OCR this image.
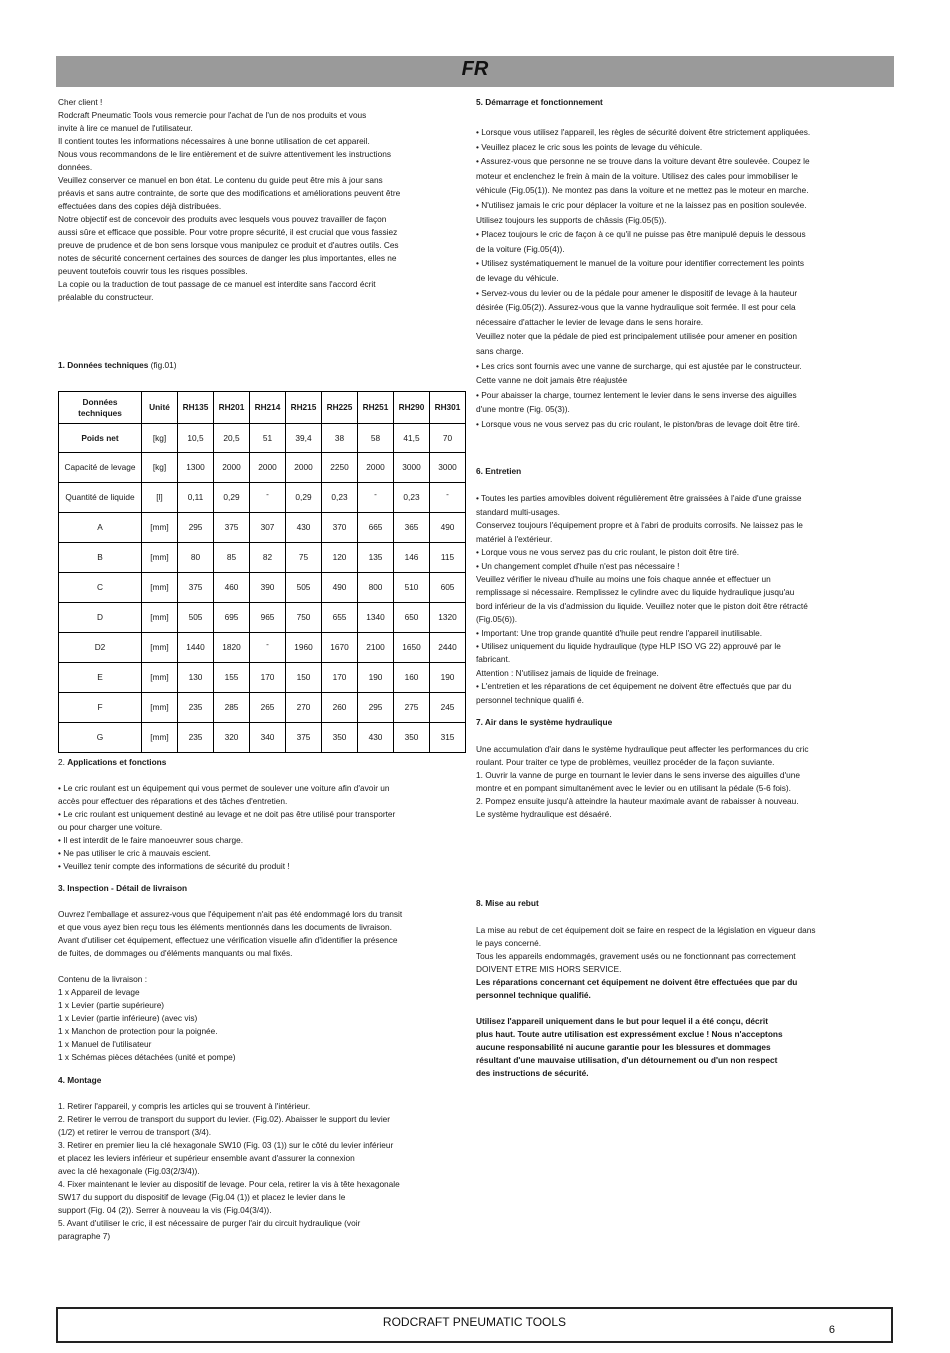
FR
Cher client !
Rodcraft Pneumatic Tools vous remercie pour l'achat de l'un de nos produits et vous
invite à lire ce manuel de l'utilisateur.
Il contient toutes les informations nécessaires à une bonne utilisation de cet appareil.
Nous vous recommandons de le lire entièrement et de suivre attentivement les instructions
données.
Veuillez conserver ce manuel en bon état. Le contenu du guide peut être mis à jour sans
préavis et sans autre contrainte, de sorte que des modifications et améliorations peuvent être
effectuées dans des copies déjà distribuées.
Notre objectif est de concevoir des produits avec lesquels vous pouvez travailler de façon
aussi sûre et efficace que possible. Pour votre propre sécurité, il est crucial que vous fassiez
preuve de prudence et de bon sens lorsque vous manipulez ce produit et d'autres outils. Ces
notes de sécurité concernent certaines des sources de danger les plus importantes, elles ne
peuvent toutefois couvrir tous les risques possibles.
La copie ou la traduction de tout passage de ce manuel est interdite sans l'accord écrit
préalable du constructeur.
1. Données techniques (fig.01)
Données techniques	Unité	RH135	RH201	RH214	RH215	RH225	RH251	RH290	RH301
Poids net	[kg]	10,5	20,5	51	39,4	38	58	41,5	70
Capacité de levage	[kg]	1300	2000	2000	2000	2250	2000	3000	3000
Quantité de liquide	[l]	0,11	0,29	-	0,29	0,23	-	0,23	-
A	[mm]	295	375	307	430	370	665	365	490
B	[mm]	80	85	82	75	120	135	146	115
C	[mm]	375	460	390	505	490	800	510	605
D	[mm]	505	695	965	750	655	1340	650	1320
D2	[mm]	1440	1820	-	1960	1670	2100	1650	2440
E	[mm]	130	155	170	150	170	190	160	190
F	[mm]	235	285	265	270	260	295	275	245
G	[mm]	235	320	340	375	350	430	350	315
2. Applications et fonctions
• Le cric roulant est un équipement qui vous permet de soulever une voiture afin d'avoir un
accès pour effectuer des réparations et des tâches d'entretien.
• Le cric roulant est uniquement destiné au levage et ne doit pas être utilisé pour transporter
ou pour charger une voiture.
• Il est interdit de le faire manoeuvrer sous charge.
• Ne pas utiliser le cric à mauvais escient.
• Veuillez tenir compte des informations de sécurité du produit !
3. Inspection - Détail de livraison
Ouvrez l'emballage et assurez-vous que l'équipement n'ait pas été endommagé lors du transit
et que vous ayez bien reçu tous les éléments mentionnés dans les documents de livraison.
Avant d'utiliser cet équipement, effectuez une vérification visuelle afin d'identifier la présence
de fuites, de dommages ou d'éléments manquants ou mal fixés.
Contenu de la livraison :
1 x Appareil de levage
1 x Levier (partie supérieure)
1 x Levier (partie inférieure) (avec vis)
1 x Manchon de protection pour la poignée.
1 x Manuel de l'utilisateur
1 x Schémas pièces détachées (unité et pompe)
4. Montage
1. Retirer l'appareil, y compris les articles qui se trouvent à l'intérieur.
2. Retirer le verrou de transport du support du levier. (Fig.02). Abaisser le support du levier
(1/2) et retirer le verrou de transport (3/4).
3. Retirer en premier lieu la clé hexagonale SW10 (Fig. 03 (1)) sur le côté du levier inférieur
et placez les leviers inférieur et supérieur ensemble avant d'assurer la connexion
avec la clé hexagonale (Fig.03(2/3/4)).
4. Fixer maintenant le levier au dispositif de levage. Pour cela, retirer la vis à tête hexagonale
SW17 du support du dispositif de levage (Fig.04 (1)) et placez le levier dans le
support (Fig. 04 (2)). Serrer à nouveau la vis (Fig.04(3/4)).
5. Avant d'utiliser le cric, il est nécessaire de purger l'air du circuit hydraulique (voir
paragraphe 7)
5. Démarrage et fonctionnement
• Lorsque vous utilisez l'appareil, les règles de sécurité doivent être strictement appliquées.
• Veuillez placez le cric sous les points de levage du véhicule.
• Assurez-vous que personne ne se trouve dans la voiture devant être soulevée. Coupez le
moteur et enclenchez le frein à main de la voiture. Utilisez des cales pour immobiliser le
véhicule (Fig.05(1)). Ne montez pas dans la voiture et ne mettez pas le moteur en marche.
• N'utilisez jamais le cric pour déplacer la voiture et ne la laissez pas en position soulevée.
Utilisez toujours les supports de châssis (Fig.05(5)).
• Placez toujours le cric de façon à ce qu'il ne puisse pas être manipulé depuis le dessous
de la voiture (Fig.05(4)).
• Utilisez systématiquement le manuel de la voiture pour identifier correctement les points
de levage du véhicule.
• Servez-vous du levier ou de la pédale pour amener le dispositif de levage à la hauteur
désirée (Fig.05(2)). Assurez-vous que la vanne hydraulique soit fermée. Il est pour cela
nécessaire d'attacher le levier de levage dans le sens horaire.
Veuillez noter que la pédale de pied est principalement utilisée pour amener en position
sans charge.
• Les crics sont fournis avec une vanne de surcharge, qui est ajustée par le constructeur.
Cette vanne ne doit jamais être réajustée
• Pour abaisser la charge, tournez lentement le levier dans le sens inverse des aiguilles
d'une montre (Fig. 05(3)).
• Lorsque vous ne vous servez pas du cric roulant, le piston/bras de levage doit être tiré.
6. Entretien
• Toutes les parties amovibles doivent régulièrement être graissées à l'aide d'une graisse
standard multi-usages.
Conservez toujours l'équipement propre et à l'abri de produits corrosifs. Ne laissez pas le
matériel à l'extérieur.
• Lorque vous ne vous servez pas du cric roulant, le piston doit être tiré.
• Un changement complet d'huile n'est pas nécessaire !
Veuillez vérifier le niveau d'huile au moins une fois chaque année et effectuer un
remplissage si nécessaire. Remplissez le cylindre avec du liquide hydraulique jusqu'au
bord inférieur de la vis d'admission du liquide. Veuillez noter que le piston doit être rétracté
(Fig.05(6)).
• Important: Une trop grande quantité d'huile peut rendre l'appareil inutilisable.
• Utilisez uniquement du liquide hydraulique (type HLP ISO VG 22) approuvé par le
fabricant.
Attention : N'utilisez jamais de liquide de freinage.
• L'entretien et les réparations de cet équipement ne doivent être effectués que par du
personnel technique qualifi é.
7. Air dans le système hydraulique
Une accumulation d'air dans le système hydraulique peut affecter les performances du cric
roulant. Pour traiter ce type de problèmes, veuillez procéder de la façon suviante.
1. Ouvrir la vanne de purge en tournant le levier dans le sens inverse des aiguilles d'une
montre et en pompant simultanément avec le levier ou en utilisant la pédale (5-6 fois).
2. Pompez ensuite jusqu'à atteindre la hauteur maximale avant de rabaisser à nouveau.
Le système hydraulique est désaéré.
8. Mise au rebut
La mise au rebut de cet équipement doit se faire en respect de la législation en vigueur dans
le pays concerné.
Tous les appareils endommagés, gravement usés ou ne fonctionnant pas correctement
DOIVENT ETRE MIS HORS SERVICE.
Les réparations concernant cet équipement ne doivent être effectuées que par du
personnel technique qualifié.
Utilisez l'appareil uniquement dans le but pour lequel il a été conçu, décrit
plus haut. Toute autre utilisation est expressément exclue ! Nous n'acceptons
aucune responsabilité ni aucune garantie pour les blessures et dommages
résultant d'une mauvaise utilisation, d'un détournement ou d'un non respect
des instructions de sécurité.
RODCRAFT PNEUMATIC TOOLS
6
